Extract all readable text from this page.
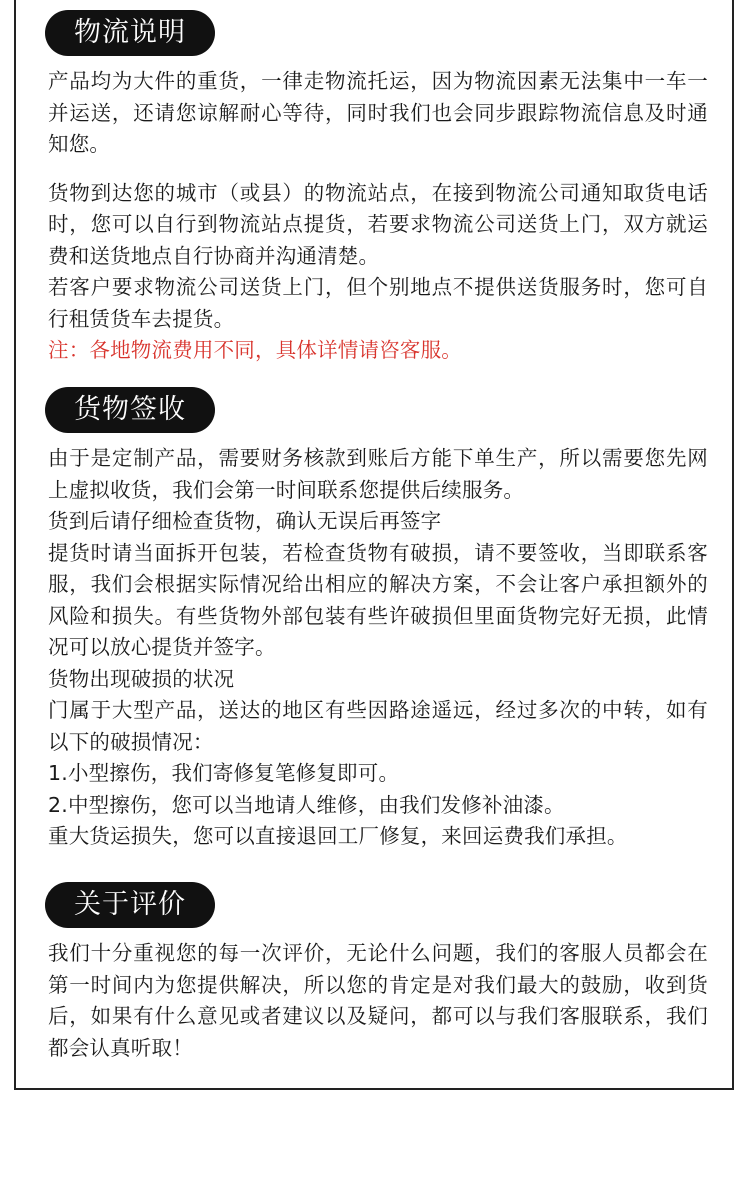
物流说明

产品均为大件的重货，一律走物流托运，因为物流因素无法集中一车一并运送，还请您谅解耐心等待，同时我们也会同步跟踪物流信息及时通知您。

货物到达您的城市（或县）的物流站点，在接到物流公司通知取货电话时，您可以自行到物流站点提货，若要求物流公司送货上门，双方就运费和送货地点自行协商并沟通清楚。

若客户要求物流公司送货上门，但个别地点不提供送货服务时，您可自行租赁货车去提货。

注：各地物流费用不同，具体详情请咨客服。

货物签收

由于是定制产品，需要财务核款到账后方能下单生产，所以需要您先网上虚拟收货，我们会第一时间联系您提供后续服务。

货到后请仔细检查货物，确认无误后再签字

提货时请当面拆开包装，若检查货物有破损，请不要签收，当即联系客服，我们会根据实际情况给出相应的解决方案，不会让客户承担额外的风险和损失。有些货物外部包装有些许破损但里面货物完好无损，此情况可以放心提货并签字。

货物出现破损的状况

门属于大型产品，送达的地区有些因路途遥远，经过多次的中转，如有以下的破损情况：

1.小型擦伤，我们寄修复笔修复即可。

2.中型擦伤，您可以当地请人维修，由我们发修补油漆。

重大货运损失，您可以直接退回工厂修复，来回运费我们承担。

关于评价

我们十分重视您的每一次评价，无论什么问题，我们的客服人员都会在第一时间内为您提供解决，所以您的肯定是对我们最大的鼓励，收到货后，如果有什么意见或者建议以及疑问，都可以与我们客服联系，我们都会认真听取！
